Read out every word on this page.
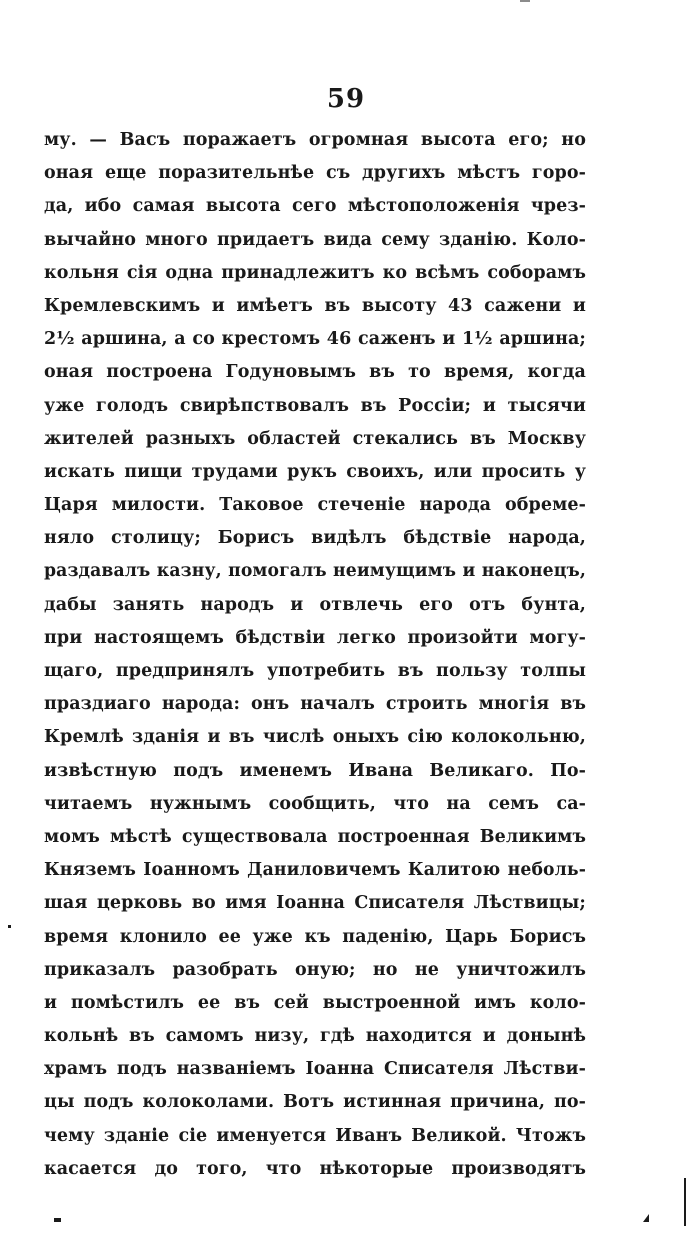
59
му. — Васъ поражаетъ огромная высота его; но
оная еще поразительнѣе съ другихъ мѣстъ горо-
да, ибо самая высота сего мѣстоположенія чрез-
вычайно много придаетъ вида сему зданію. Коло-
кольня сія одна принадлежитъ ко всѣмъ соборамъ
Кремлевскимъ и имѣетъ въ высоту 43 сажени и
2½ аршина, а со крестомъ 46 саженъ и 1½ аршина;
оная построена Годуновымъ въ то время, когда
уже голодъ свирѣпствовалъ въ Россіи; и тысячи
жителей разныхъ областей стекались въ Москву
искать пищи трудами рукъ своихъ, или просить у
Царя милости. Таковое стеченіе народа обреме-
няло столицу; Борисъ видѣлъ бѣдствіе народа,
раздавалъ казну, помогалъ неимущимъ и наконецъ,
дабы занять народъ и отвлечь его отъ бунта,
при настоящемъ бѣдствіи легко произойти могу-
щаго, предпринялъ употребить въ пользу толпы
праздиаго народа: онъ началъ строить многія въ
Кремлѣ зданія и въ числѣ оныхъ сію колокольню,
извѣстную подъ именемъ Ивана Великаго. По-
читаемъ нужнымъ сообщить, что на семъ са-
момъ мѣстѣ существовала построенная Великимъ
Княземъ Іоанномъ Даниловичемъ Калитою неболь-
шая церковь во имя Іоанна Списателя Лѣствицы;
время клонило ее уже къ паденію, Царь Борисъ
приказалъ разобрать оную; но не уничтожилъ
и помѣстилъ ее въ сей выстроенной имъ коло-
кольнѣ въ самомъ низу, гдѣ находится и донынѣ
храмъ подъ названіемъ Іоанна Списателя Лѣстви-
цы подъ колоколами. Вотъ истинная причина, по-
чему зданіе сіе именуется Иванъ Великой. Чтожъ
касается до того, что нѣкоторые производятъ
